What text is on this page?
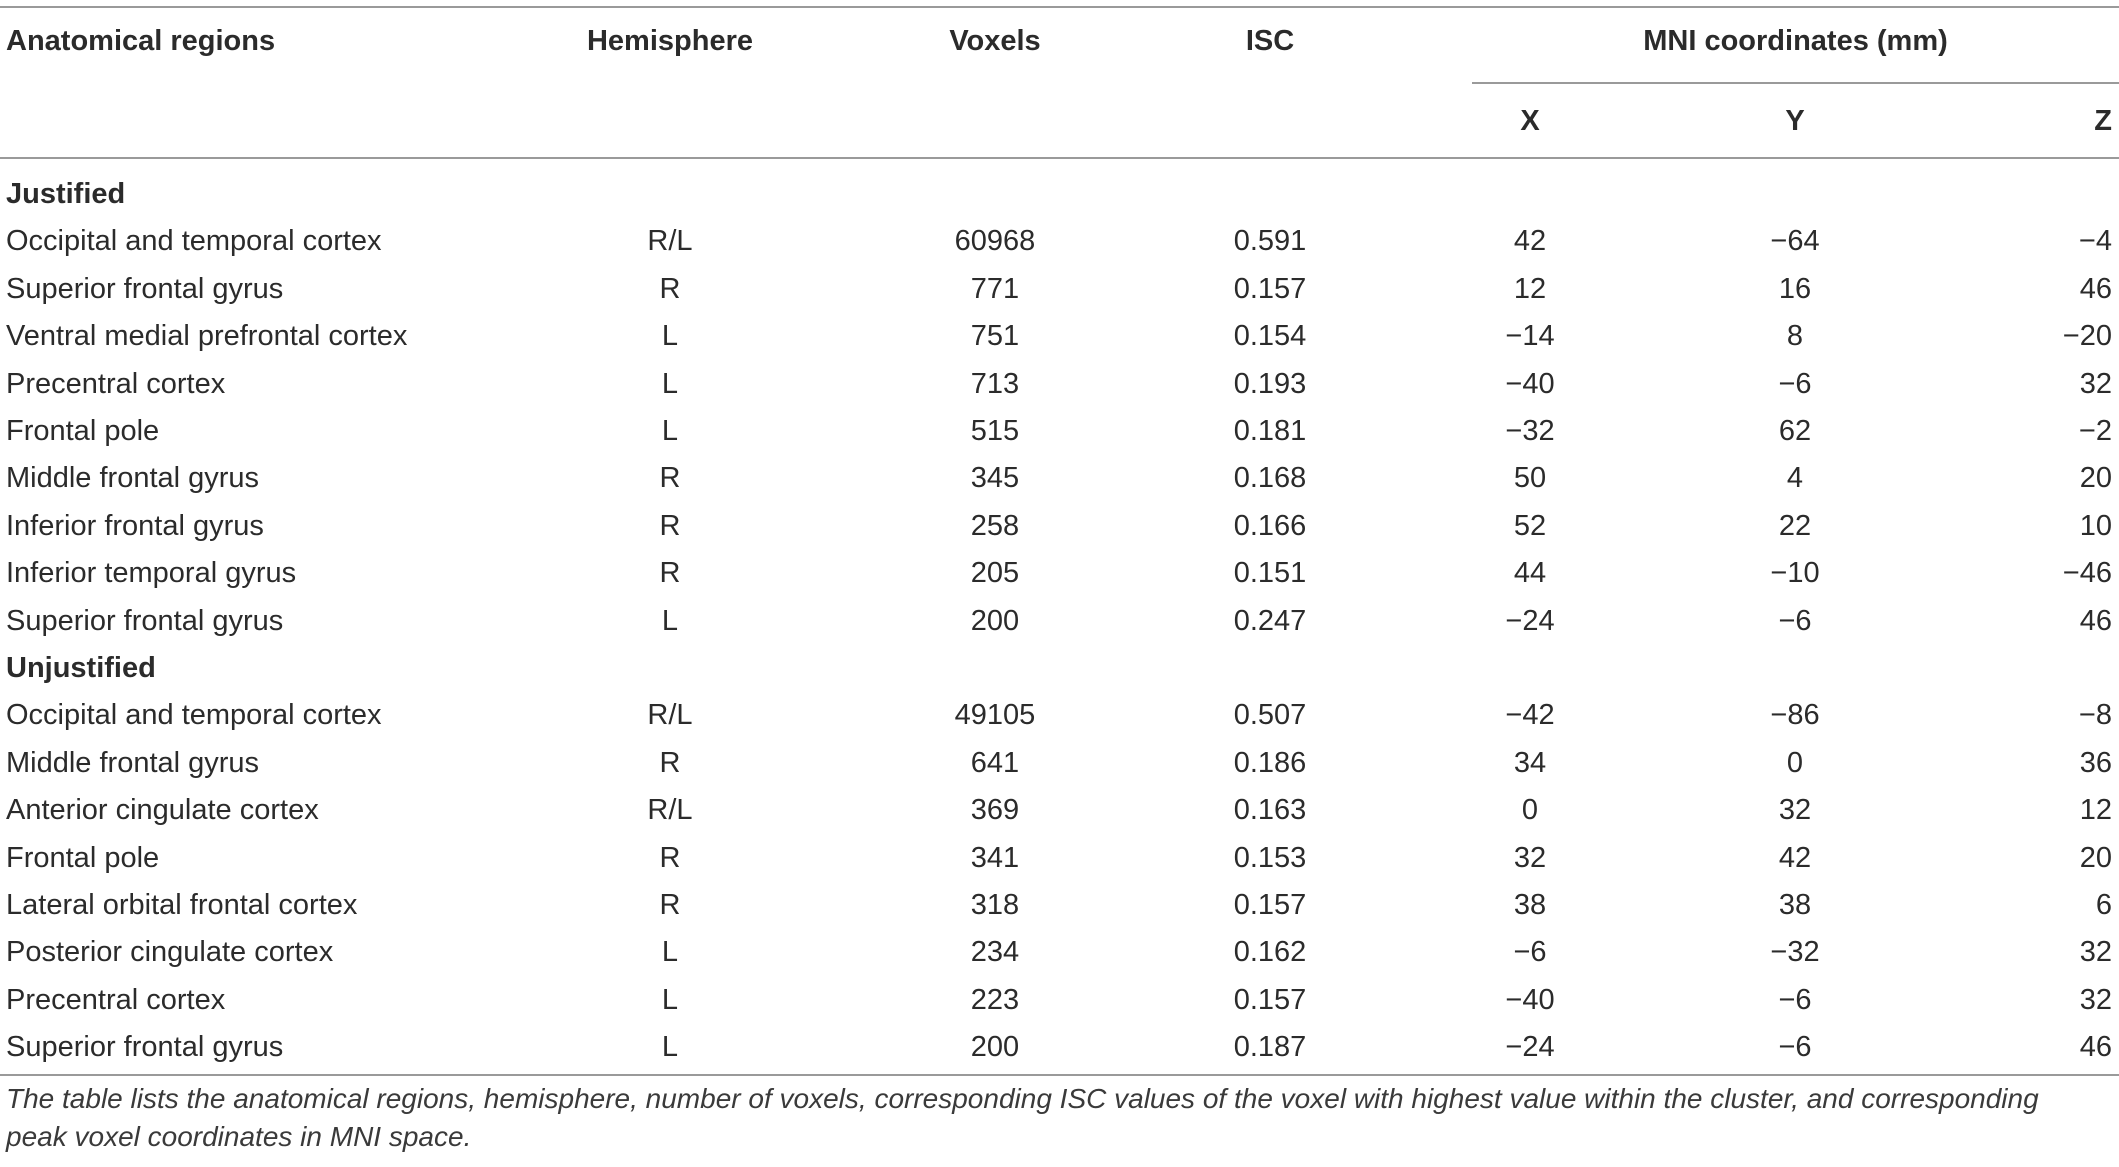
Anatomical regions	Hemisphere	Voxels	ISC	MNI coordinates (mm)
X	Y	Z
Justified
Occipital and temporal cortex	R/L	60968	0.591	42	−64	−4
Superior frontal gyrus	R	771	0.157	12	16	46
Ventral medial prefrontal cortex	L	751	0.154	−14	8	−20
Precentral cortex	L	713	0.193	−40	−6	32
Frontal pole	L	515	0.181	−32	62	−2
Middle frontal gyrus	R	345	0.168	50	4	20
Inferior frontal gyrus	R	258	0.166	52	22	10
Inferior temporal gyrus	R	205	0.151	44	−10	−46
Superior frontal gyrus	L	200	0.247	−24	−6	46
Unjustified
Occipital and temporal cortex	R/L	49105	0.507	−42	−86	−8
Middle frontal gyrus	R	641	0.186	34	0	36
Anterior cingulate cortex	R/L	369	0.163	0	32	12
Frontal pole	R	341	0.153	32	42	20
Lateral orbital frontal cortex	R	318	0.157	38	38	6
Posterior cingulate cortex	L	234	0.162	−6	−32	32
Precentral cortex	L	223	0.157	−40	−6	32
Superior frontal gyrus	L	200	0.187	−24	−6	46
The table lists the anatomical regions, hemisphere, number of voxels, corresponding ISC values of the voxel with highest value within the cluster, and corresponding peak voxel coordinates in MNI space.
